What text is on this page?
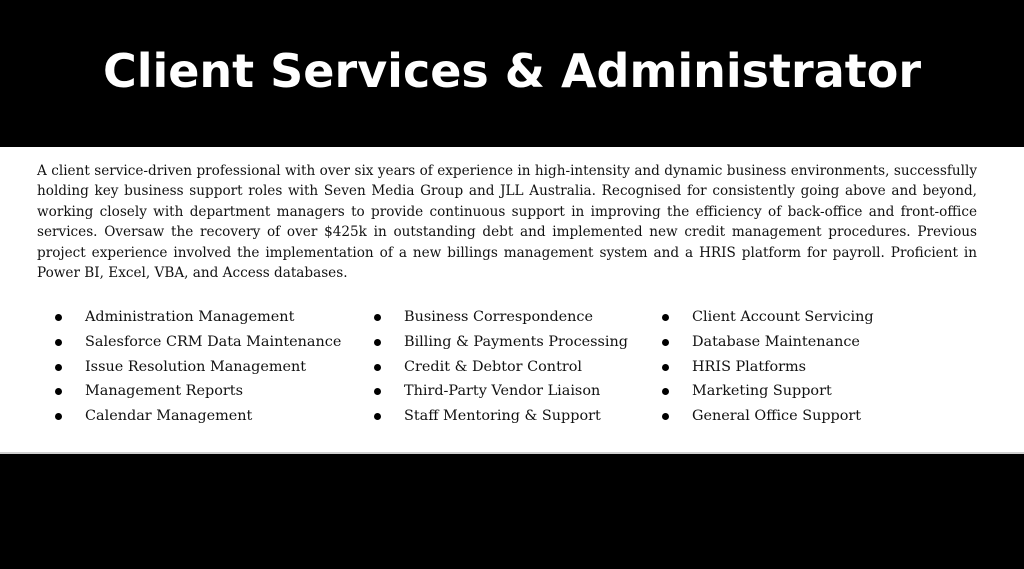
Client Services & Administrator

A client service-driven professional with over six years of experience in high-intensity and dynamic business environments, successfully holding key business support roles with Seven Media Group and JLL Australia. Recognised for consistently going above and beyond, working closely with department managers to provide continuous support in improving the efficiency of back-office and front-office services. Oversaw the recovery of over $425k in outstanding debt and implemented new credit management procedures. Previous project experience involved the implementation of a new billings management system and a HRIS platform for payroll. Proficient in Power BI, Excel, VBA, and Access databases.

Administration Management
Salesforce CRM Data Maintenance
Issue Resolution Management
Management Reports
Calendar Management
Business Correspondence
Billing & Payments Processing
Credit & Debtor Control
Third-Party Vendor Liaison
Staff Mentoring & Support
Client Account Servicing
Database Maintenance
HRIS Platforms
Marketing Support
General Office Support
